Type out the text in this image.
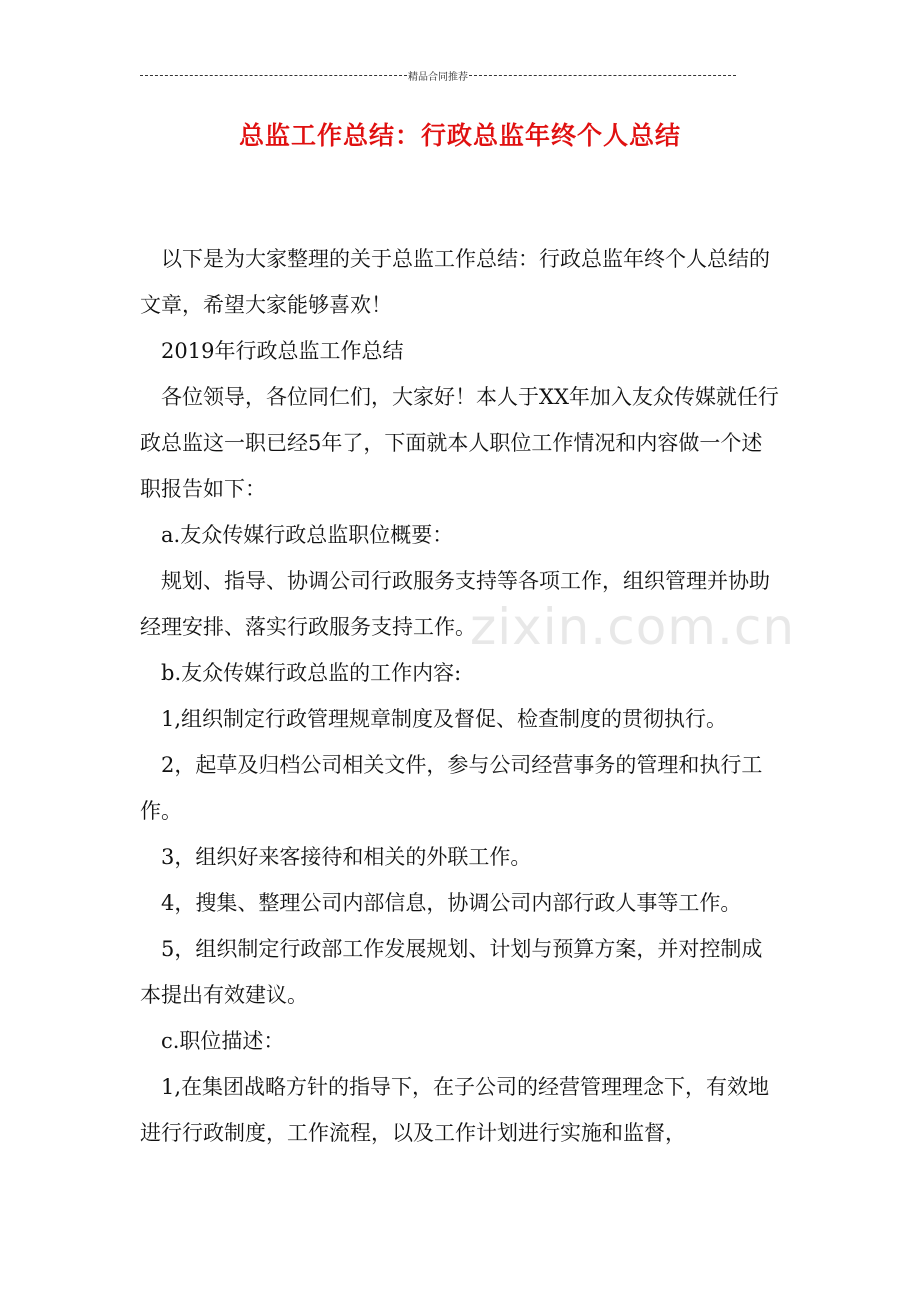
精品合同推荐
总监工作总结：行政总监年终个人总结
zixin.com.cn

以下是为大家整理的关于总监工作总结：行政总监年终个人总结的文章，希望大家能够喜欢！

2019年行政总监工作总结

各位领导，各位同仁们，大家好！本人于XX年加入友众传媒就任行政总监这一职已经5年了，下面就本人职位工作情况和内容做一个述职报告如下：

a.友众传媒行政总监职位概要：

规划、指导、协调公司行政服务支持等各项工作，组织管理并协助经理安排、落实行政服务支持工作。

b.友众传媒行政总监的工作内容:

1,组织制定行政管理规章制度及督促、检查制度的贯彻执行。

2，起草及归档公司相关文件，参与公司经营事务的管理和执行工作。

3，组织好来客接待和相关的外联工作。

4，搜集、整理公司内部信息，协调公司内部行政人事等工作。

5，组织制定行政部工作发展规划、计划与预算方案，并对控制成本提出有效建议。

c.职位描述：

1,在集团战略方针的指导下，在子公司的经营管理理念下，有效地进行行政制度，工作流程，以及工作计划进行实施和监督，
